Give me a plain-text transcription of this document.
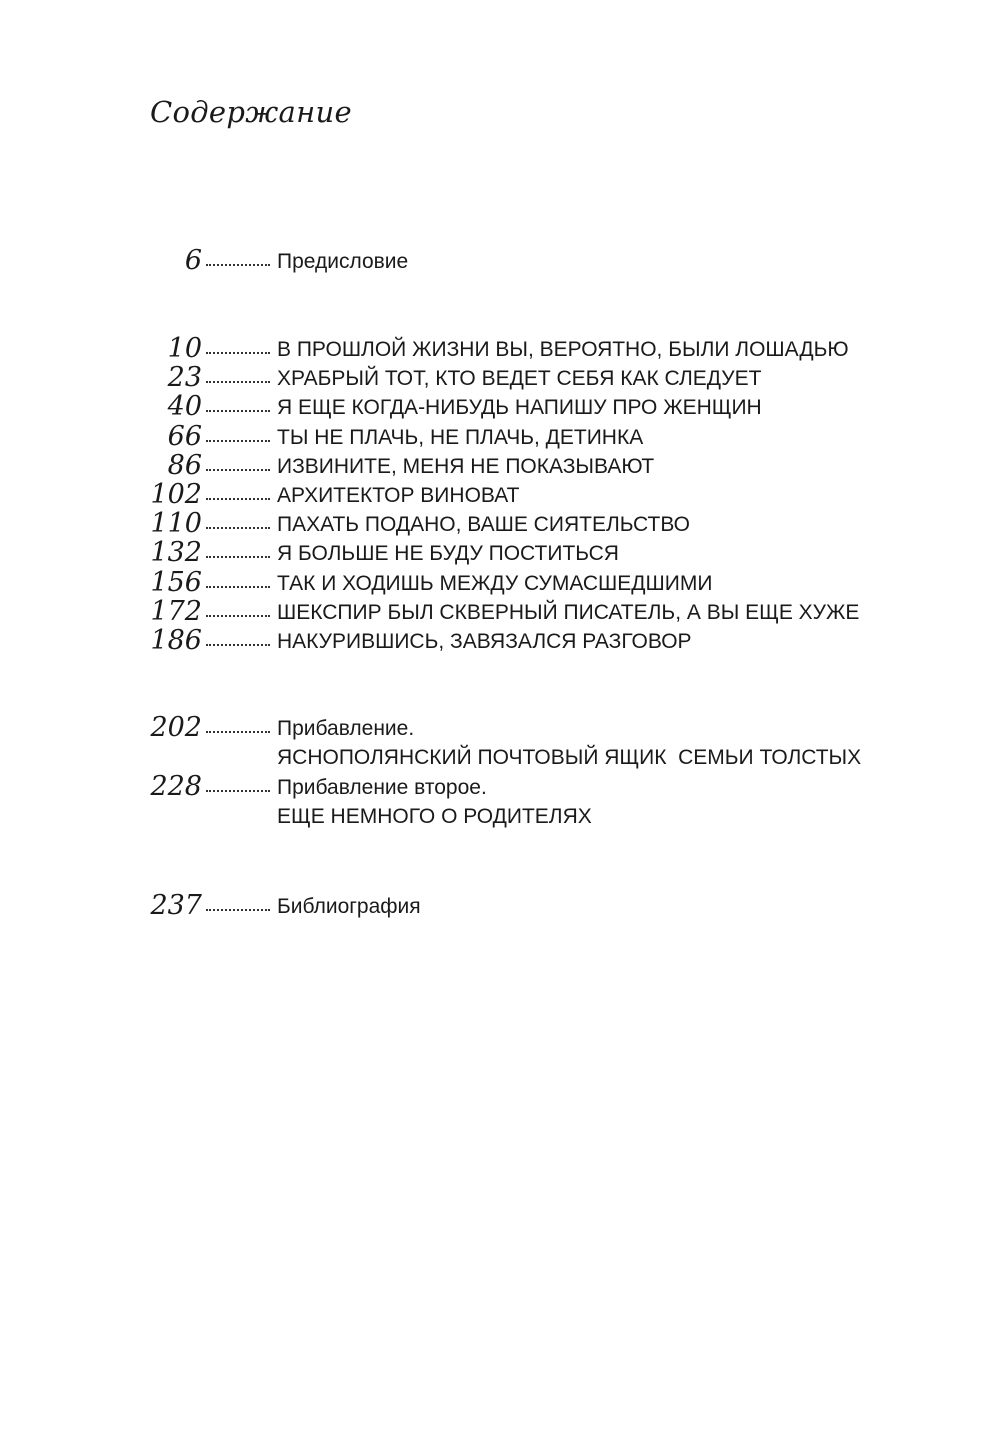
Содержание
6	Предисловие
10	В ПРОШЛОЙ ЖИЗНИ ВЫ, ВЕРОЯТНО, БЫЛИ ЛОШАДЬЮ
23	ХРАБРЫЙ ТОТ, КТО ВЕДЕТ СЕБЯ КАК СЛЕДУЕТ
40	Я ЕЩЕ КОГДА-НИБУДЬ НАПИШУ ПРО ЖЕНЩИН
66	ТЫ НЕ ПЛАЧЬ, НЕ ПЛАЧЬ, ДЕТИНКА
86	ИЗВИНИТЕ, МЕНЯ НЕ ПОКАЗЫВАЮТ
102	АРХИТЕКТОР ВИНОВАТ
110	ПАХАТЬ ПОДАНО, ВАШЕ СИЯТЕЛЬСТВО
132	Я БОЛЬШЕ НЕ БУДУ ПОСТИТЬСЯ
156	ТАК И ХОДИШЬ МЕЖДУ СУМАСШЕДШИМИ
172	ШЕКСПИР БЫЛ СКВЕРНЫЙ ПИСАТЕЛЬ, А ВЫ ЕЩЕ ХУЖЕ
186	НАКУРИВШИСЬ, ЗАВЯЗАЛСЯ РАЗГОВОР
202	Прибавление.
ЯСНОПОЛЯНСКИЙ ПОЧТОВЫЙ ЯЩИК  СЕМЬИ ТОЛСТЫХ
228	Прибавление второе.
ЕЩЕ НЕМНОГО О РОДИТЕЛЯХ
237	Библиография
